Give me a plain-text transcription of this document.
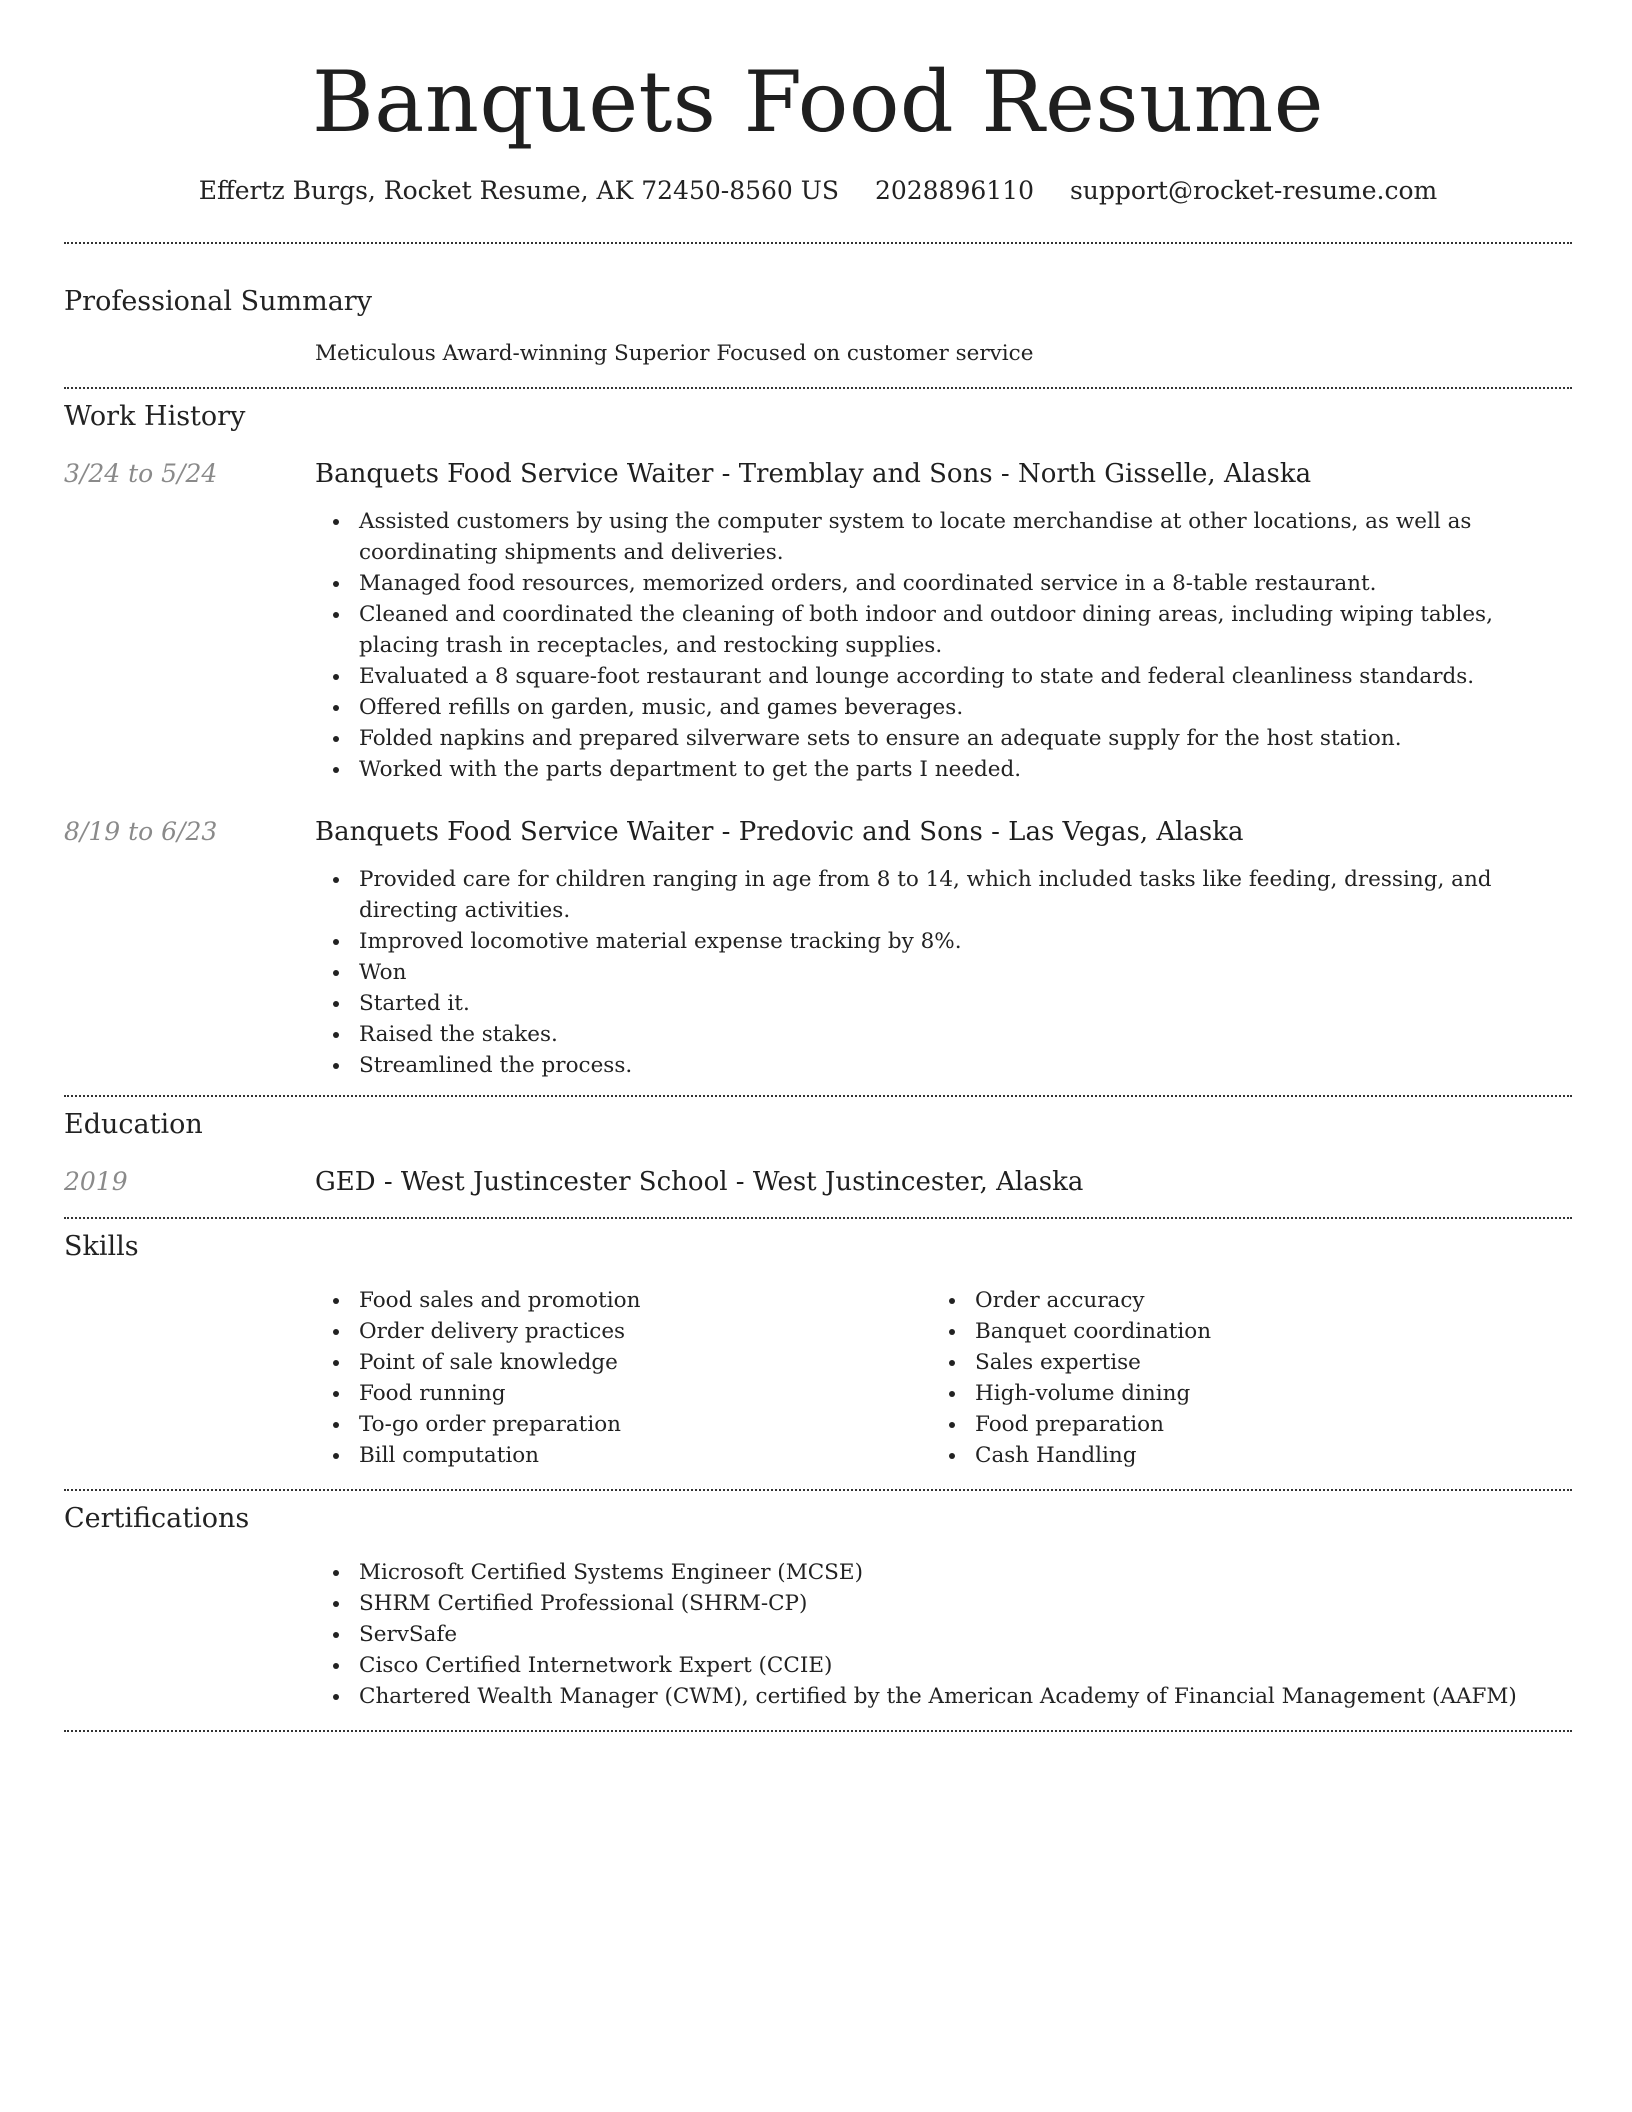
Banquets Food Resume
Effertz Burgs, Rocket Resume, AK 72450-8560 US 2028896110 support@rocket-resume.com
Professional Summary
Meticulous Award-winning Superior Focused on customer service
Work History
3/24 to 5/24	Banquets Food Service Waiter - Tremblay and Sons - North Gisselle, Alaska
Assisted customers by using the computer system to locate merchandise at other locations, as well as coordinating shipments and deliveries.
Managed food resources, memorized orders, and coordinated service in a 8-table restaurant.
Cleaned and coordinated the cleaning of both indoor and outdoor dining areas, including wiping tables, placing trash in receptacles, and restocking supplies.
Evaluated a 8 square-foot restaurant and lounge according to state and federal cleanliness standards.
Offered refills on garden, music, and games beverages.
Folded napkins and prepared silverware sets to ensure an adequate supply for the host station.
Worked with the parts department to get the parts I needed.
8/19 to 6/23	Banquets Food Service Waiter - Predovic and Sons - Las Vegas, Alaska
Provided care for children ranging in age from 8 to 14, which included tasks like feeding, dressing, and directing activities.
Improved locomotive material expense tracking by 8%.
Won
Started it.
Raised the stakes.
Streamlined the process.
Education
2019	GED - West Justincester School - West Justincester, Alaska
Skills
Food sales and promotion
Order delivery practices
Point of sale knowledge
Food running
To-go order preparation
Bill computation
Order accuracy
Banquet coordination
Sales expertise
High-volume dining
Food preparation
Cash Handling
Certifications
Microsoft Certified Systems Engineer (MCSE)
SHRM Certified Professional (SHRM-CP)
ServSafe
Cisco Certified Internetwork Expert (CCIE)
Chartered Wealth Manager (CWM), certified by the American Academy of Financial Management (AAFM)
